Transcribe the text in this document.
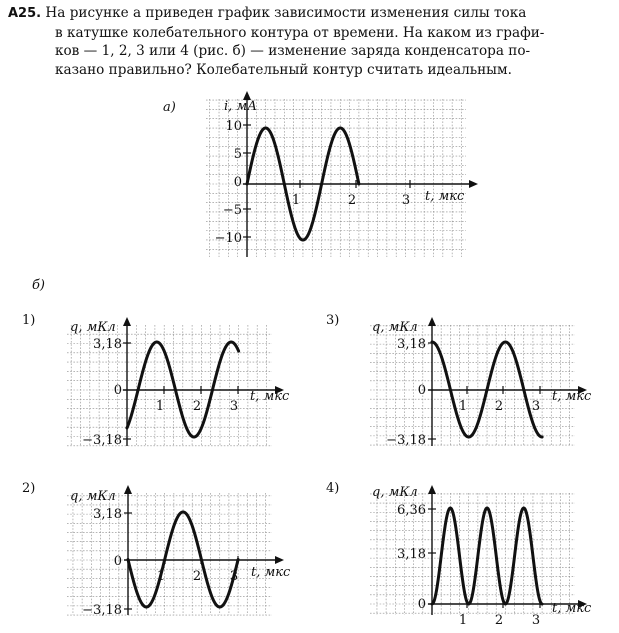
А25. На рисунке а приведен график зависимости изменения силы тока
в катушке колебательного контура от времени. На каком из графи-
ков — 1, 2, 3 или 4 (рис. б) — изменение заряда конденсатора по-
казано правильно? Колебательный контур считать идеальным.

а)
б)
1	2	3
10
5
0
−5
−10
t, мкс
i, мА
1 2 3
3,18
0
−3,18
t, мкс
q, мКл
1)
1 2 3
3,18
0
−3,18
t, мкс
q, мКл
2)
1 2 3
3,18
0
−3,18
t, мкс
q, мКл
3)
1 2 3
6,36
3,18
0	t, мкс
q, мКл
4)
